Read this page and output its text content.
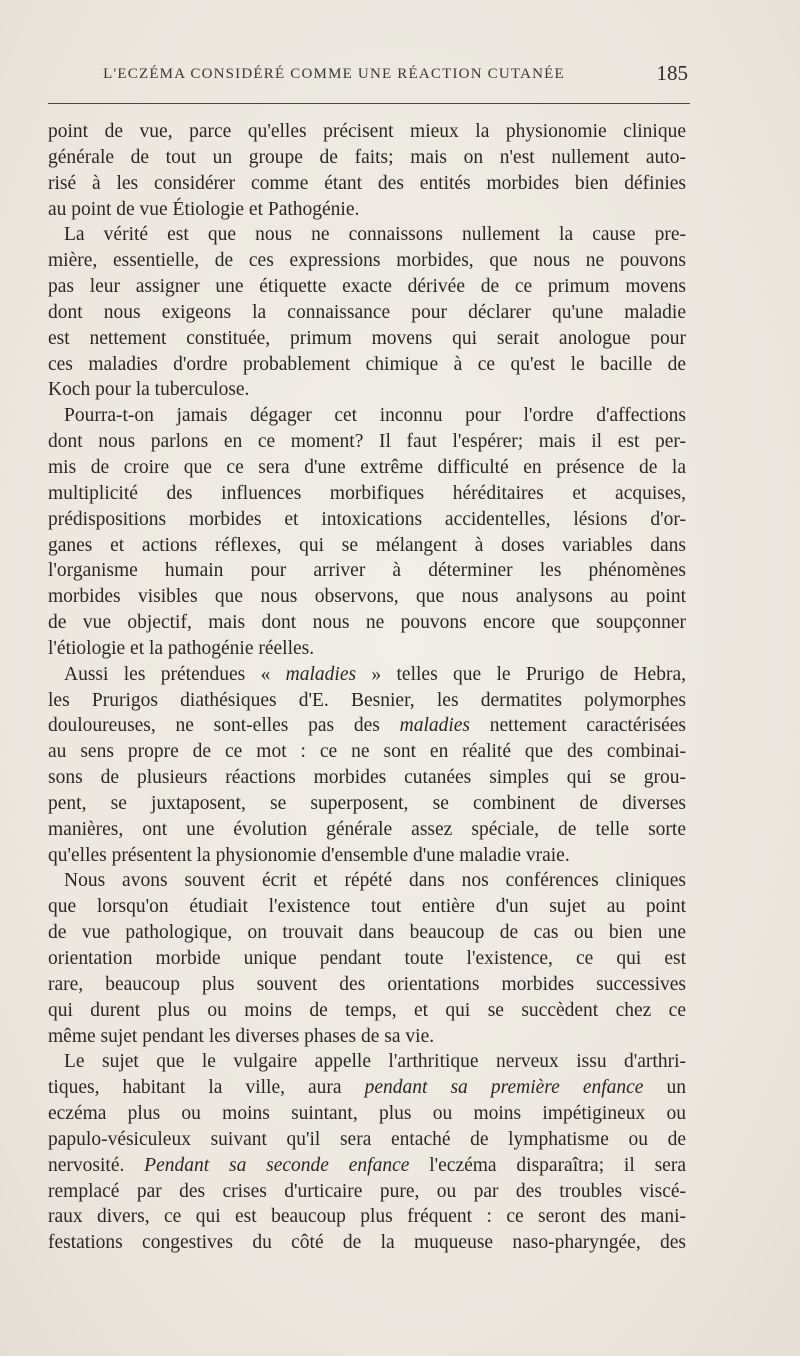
L'ECZÉMA CONSIDÉRÉ COMME UNE RÉACTION CUTANÉE	185
point de vue, parce qu'elles précisent mieux la physionomie clinique
générale de tout un groupe de faits; mais on n'est nullement auto-
risé à les considérer comme étant des entités morbides bien définies
au point de vue Étiologie et Pathogénie.
La vérité est que nous ne connaissons nullement la cause pre-
mière, essentielle, de ces expressions morbides, que nous ne pouvons
pas leur assigner une étiquette exacte dérivée de ce primum movens
dont nous exigeons la connaissance pour déclarer qu'une maladie
est nettement constituée, primum movens qui serait anologue pour
ces maladies d'ordre probablement chimique à ce qu'est le bacille de
Koch pour la tuberculose.
Pourra-t-on jamais dégager cet inconnu pour l'ordre d'affections
dont nous parlons en ce moment? Il faut l'espérer; mais il est per-
mis de croire que ce sera d'une extrême difficulté en présence de la
multiplicité des influences morbifiques héréditaires et acquises,
prédispositions morbides et intoxications accidentelles, lésions d'or-
ganes et actions réflexes, qui se mélangent à doses variables dans
l'organisme humain pour arriver à déterminer les phénomènes
morbides visibles que nous observons, que nous analysons au point
de vue objectif, mais dont nous ne pouvons encore que soupçonner
l'étiologie et la pathogénie réelles.
Aussi les prétendues « maladies » telles que le Prurigo de Hebra,
les Prurigos diathésiques d'E. Besnier, les dermatites polymorphes
douloureuses, ne sont-elles pas des maladies nettement caractérisées
au sens propre de ce mot : ce ne sont en réalité que des combinai-
sons de plusieurs réactions morbides cutanées simples qui se grou-
pent, se juxtaposent, se superposent, se combinent de diverses
manières, ont une évolution générale assez spéciale, de telle sorte
qu'elles présentent la physionomie d'ensemble d'une maladie vraie.
Nous avons souvent écrit et répété dans nos conférences cliniques
que lorsqu'on étudiait l'existence tout entière d'un sujet au point
de vue pathologique, on trouvait dans beaucoup de cas ou bien une
orientation morbide unique pendant toute l'existence, ce qui est
rare, beaucoup plus souvent des orientations morbides successives
qui durent plus ou moins de temps, et qui se succèdent chez ce
même sujet pendant les diverses phases de sa vie.
Le sujet que le vulgaire appelle l'arthritique nerveux issu d'arthri-
tiques, habitant la ville, aura pendant sa première enfance un
eczéma plus ou moins suintant, plus ou moins impétigineux ou
papulo-vésiculeux suivant qu'il sera entaché de lymphatisme ou de
nervosité. Pendant sa seconde enfance l'eczéma disparaîtra; il sera
remplacé par des crises d'urticaire pure, ou par des troubles viscé-
raux divers, ce qui est beaucoup plus fréquent : ce seront des mani-
festations congestives du côté de la muqueuse naso-pharyngée, des
